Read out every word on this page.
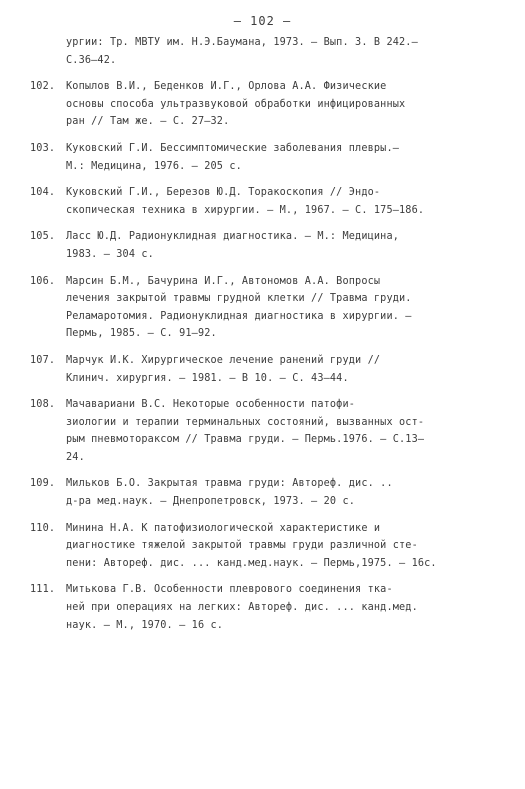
– 102 –
ургии: Тр. МВТУ им. Н.Э.Баумана, 1973. – Вып. 3. В 242.–
С.36–42.
102.	Копылов В.И., Беденков И.Г., Орлова А.А. Физические
основы способа ультразвуковой обработки инфицированных
ран // Там же. – С. 27–32.
103.	Куковский Г.И. Бессимптомические заболевания плевры.–
М.: Медицина, 1976. – 205 с.
104.	Куковский Г.И., Березов Ю.Д. Торакоскопия // Эндо-
скопическая техника в хирургии. – М., 1967. – С. 175–186.
105.	Ласс Ю.Д. Радионуклидная диагностика. – М.: Медицина,
1983. – 304 с.
106.	Марсин Б.М., Бачурина И.Г., Автономов А.А. Вопросы
лечения закрытой травмы грудной клетки // Травма груди.
Реламаротомия. Радионуклидная диагностика в хирургии. –
Пермь, 1985. – С. 91–92.
107.	Марчук И.К. Хирургическое лечение ранений груди //
Клинич. хирургия. – 1981. – В 10. – С. 43–44.
108.	Мачавариани В.С. Некоторые особенности патофи-
зиологии и терапии терминальных состояний, вызванных ост-
рым пневмотораксом // Травма груди. – Пермь.1976. – С.13–
24.
109.	Мильков Б.О. Закрытая травма груди: Автореф. дис. ..
д-ра мед.наук. – Днепропетровск, 1973. – 20 с.
110.	Минина Н.А. К патофизиологической характеристике и
диагностике тяжелой закрытой травмы груди различной сте-
пени: Автореф. дис. ... канд.мед.наук. – Пермь,1975. – 16с.
111.	Митькова Г.В. Особенности плеврового соединения тка-
ней при операциях на легких: Автореф. дис. ... канд.мед.
наук. – М., 1970. – 16 с.
